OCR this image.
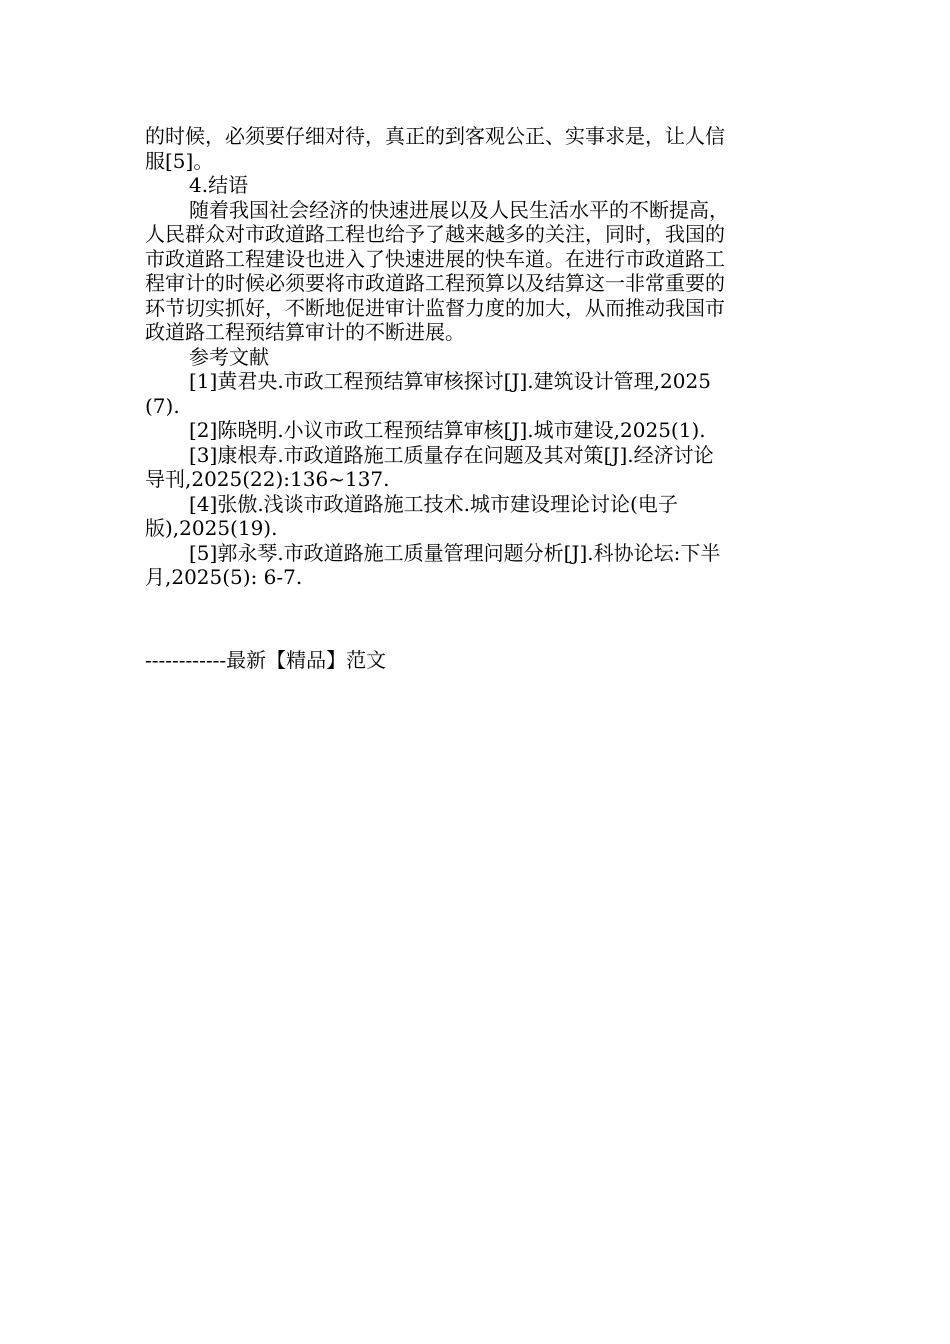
的时候，必须要仔细对待，真正的到客观公正、实事求是，让人信
服[5]。
4.结语
随着我国社会经济的快速进展以及人民生活水平的不断提高，
人民群众对市政道路工程也给予了越来越多的关注，同时，我国的
市政道路工程建设也进入了快速进展的快车道。在进行市政道路工
程审计的时候必须要将市政道路工程预算以及结算这一非常重要的
环节切实抓好，不断地促进审计监督力度的加大，从而推动我国市
政道路工程预结算审计的不断进展。
参考文献
[1]黄君央.市政工程预结算审核探讨[J].建筑设计管理,2025
(7).
[2]陈晓明.小议市政工程预结算审核[J].城市建设,2025(1).
[3]康根寿.市政道路施工质量存在问题及其对策[J].经济讨论
导刊,2025(22):136~137.
[4]张傲.浅谈市政道路施工技术.城市建设理论讨论(电子
版),2025(19).
[5]郭永琴.市政道路施工质量管理问题分析[J].科协论坛:下半
月,2025(5): 6-7.
------------最新【精品】范文
